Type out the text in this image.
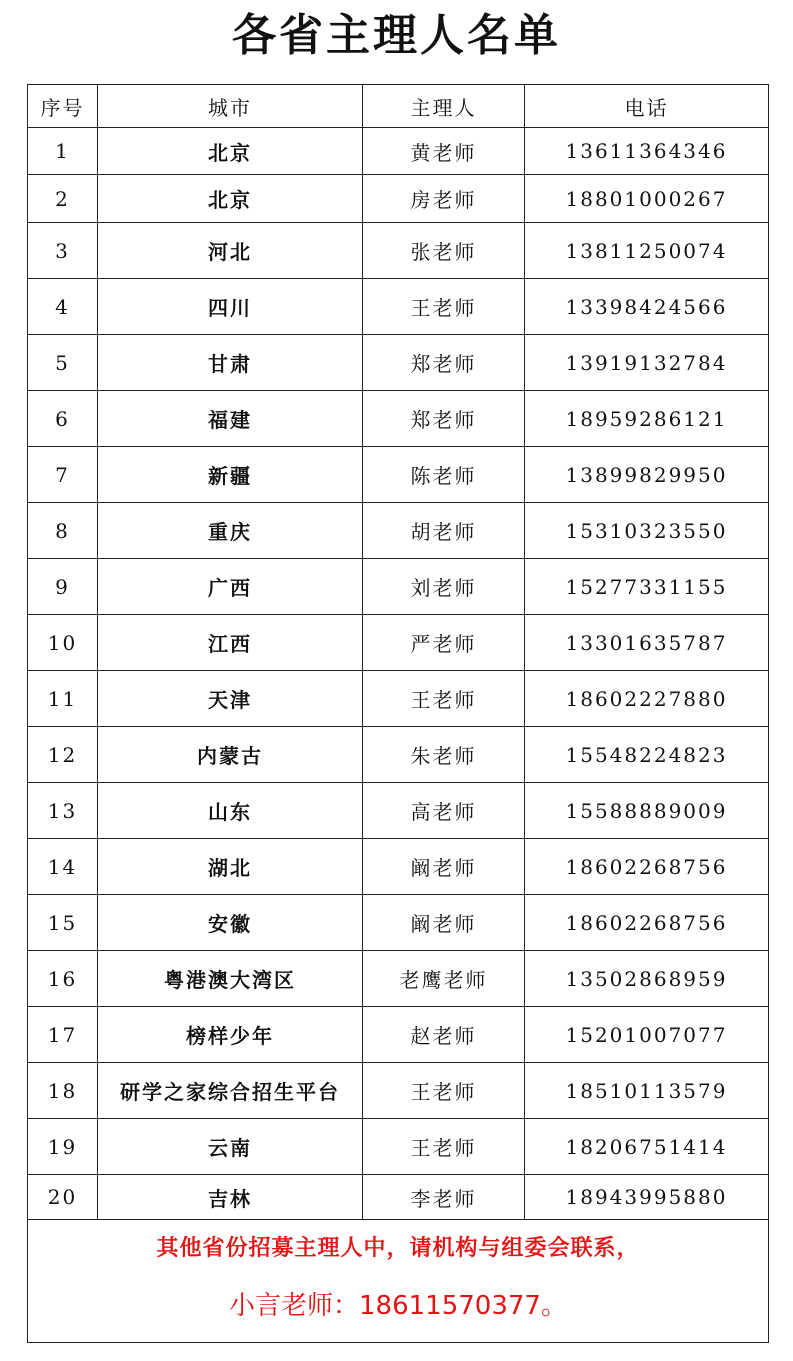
各省主理人名单
序号	城市	主理人	电话
1	北京	黄老师	13611364346
2	北京	房老师	18801000267
3	河北	张老师	13811250074
4	四川	王老师	13398424566
5	甘肃	郑老师	13919132784
6	福建	郑老师	18959286121
7	新疆	陈老师	13899829950
8	重庆	胡老师	15310323550
9	广西	刘老师	15277331155
10	江西	严老师	13301635787
11	天津	王老师	18602227880
12	内蒙古	朱老师	15548224823
13	山东	高老师	15588889009
14	湖北	阚老师	18602268756
15	安徽	阚老师	18602268756
16	粤港澳大湾区	老鹰老师	13502868959
17	榜样少年	赵老师	15201007077
18	研学之家综合招生平台	王老师	18510113579
19	云南	王老师	18206751414
20	吉林	李老师	18943995880

其他省份招募主理人中，请机构与组委会联系，
小言老师：18611570377。			
